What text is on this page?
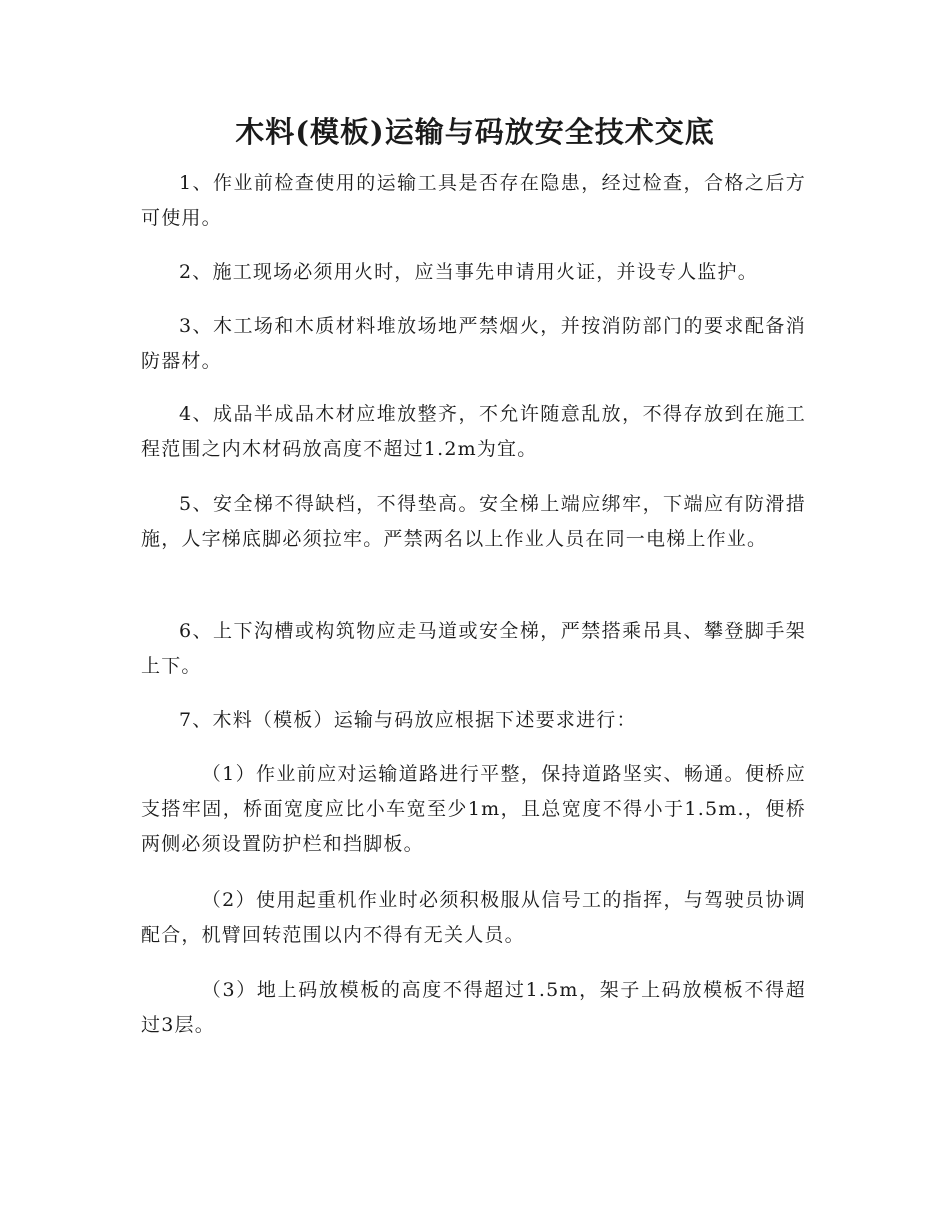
木料(模板)运输与码放安全技术交底

1、作业前检查使用的运输工具是否存在隐患，经过检查，合格之后方可使用。

2、施工现场必须用火时，应当事先申请用火证，并设专人监护。

3、木工场和木质材料堆放场地严禁烟火，并按消防部门的要求配备消防器材。

4、成品半成品木材应堆放整齐，不允许随意乱放，不得存放到在施工程范围之内木材码放高度不超过1.2m为宜。

5、安全梯不得缺档，不得垫高。安全梯上端应绑牢，下端应有防滑措施，人字梯底脚必须拉牢。严禁两名以上作业人员在同一电梯上作业。

6、上下沟槽或构筑物应走马道或安全梯，严禁搭乘吊具、攀登脚手架上下。

7、木料（模板）运输与码放应根据下述要求进行：

（1）作业前应对运输道路进行平整，保持道路坚实、畅通。便桥应支搭牢固，桥面宽度应比小车宽至少1m，且总宽度不得小于1.5m.，便桥两侧必须设置防护栏和挡脚板。

（2）使用起重机作业时必须积极服从信号工的指挥，与驾驶员协调配合，机臂回转范围以内不得有无关人员。

（3）地上码放模板的高度不得超过1.5m，架子上码放模板不得超过3层。
